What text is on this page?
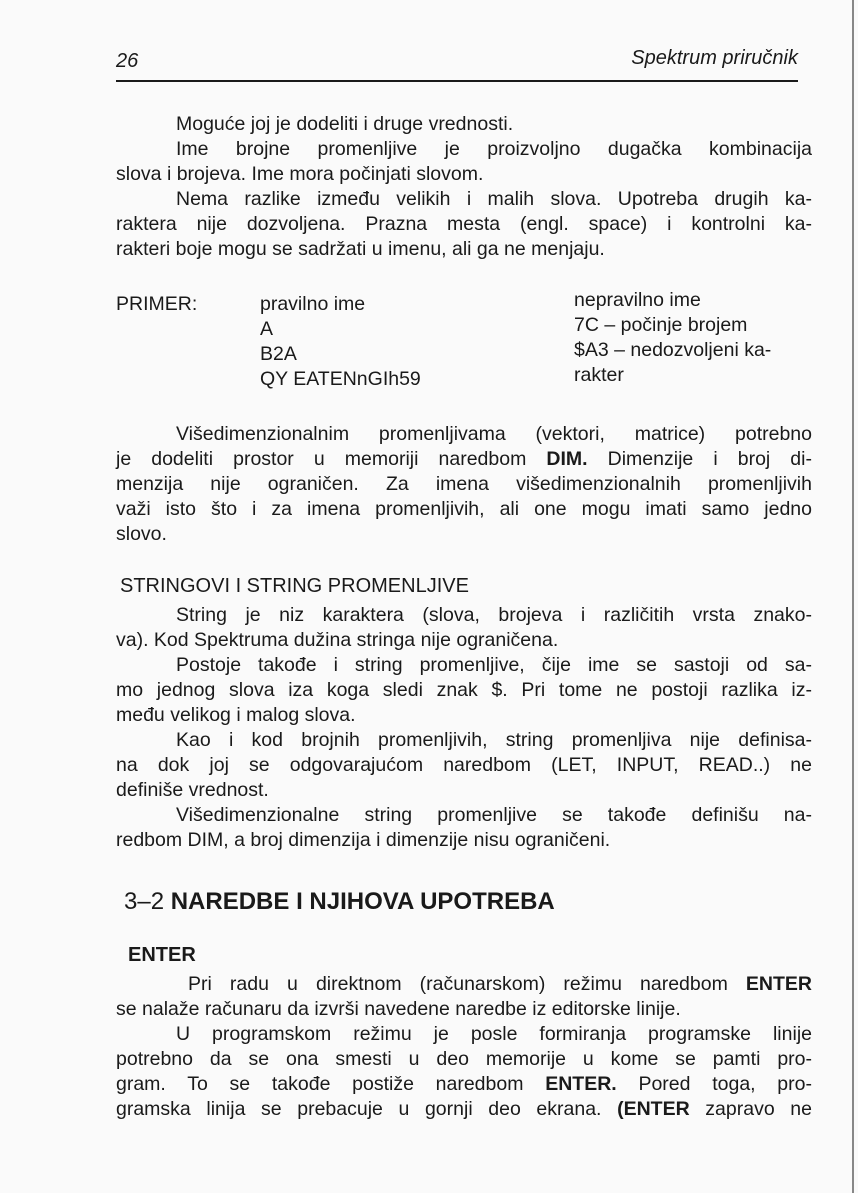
26	Spektrum priručnik
Moguće joj je dodeliti i druge vrednosti.
Ime brojne promenljive je proizvoljno dugačka kombinacija
slova i brojeva. Ime mora počinjati slovom.
Nema razlike između velikih i malih slova. Upotreba drugih ka-
raktera nije dozvoljena. Prazna mesta (engl. space) i kontrolni ka-
rakteri boje mogu se sadržati u imenu, ali ga ne menjaju.
PRIMER:	pravilno ime
A
B2A
QY EATENnGIh59
nepravilno ime
7C – počinje brojem
$A3 – nedozvoljeni ka-
rakter
Višedimenzionalnim promenljivama (vektori, matrice) potrebno
je dodeliti prostor u memoriji naredbom DIM. Dimenzije i broj di-
menzija nije ograničen. Za imena višedimenzionalnih promenljivih
važi isto što i za imena promenljivih, ali one mogu imati samo jedno
slovo.
STRINGOVI I STRING PROMENLJIVE
String je niz karaktera (slova, brojeva i različitih vrsta znako-
va). Kod Spektruma dužina stringa nije ograničena.
Postoje takođe i string promenljive, čije ime se sastoji od sa-
mo jednog slova iza koga sledi znak $. Pri tome ne postoji razlika iz-
među velikog i malog slova.
Kao i kod brojnih promenljivih, string promenljiva nije definisa-
na dok joj se odgovarajućom naredbom (LET, INPUT, READ..) ne
definiše vrednost.
Višedimenzionalne string promenljive se takođe definišu na-
redbom DIM, a broj dimenzija i dimenzije nisu ograničeni.
3–2 NAREDBE I NJIHOVA UPOTREBA
ENTER
Pri radu u direktnom (računarskom) režimu naredbom ENTER
se nalaže računaru da izvrši navedene naredbe iz editorske linije.
U programskom režimu je posle formiranja programske linije
potrebno da se ona smesti u deo memorije u kome se pamti pro-
gram. To se takođe postiže naredbom ENTER. Pored toga, pro-
gramska linija se prebacuje u gornji deo ekrana. (ENTER zapravo ne
